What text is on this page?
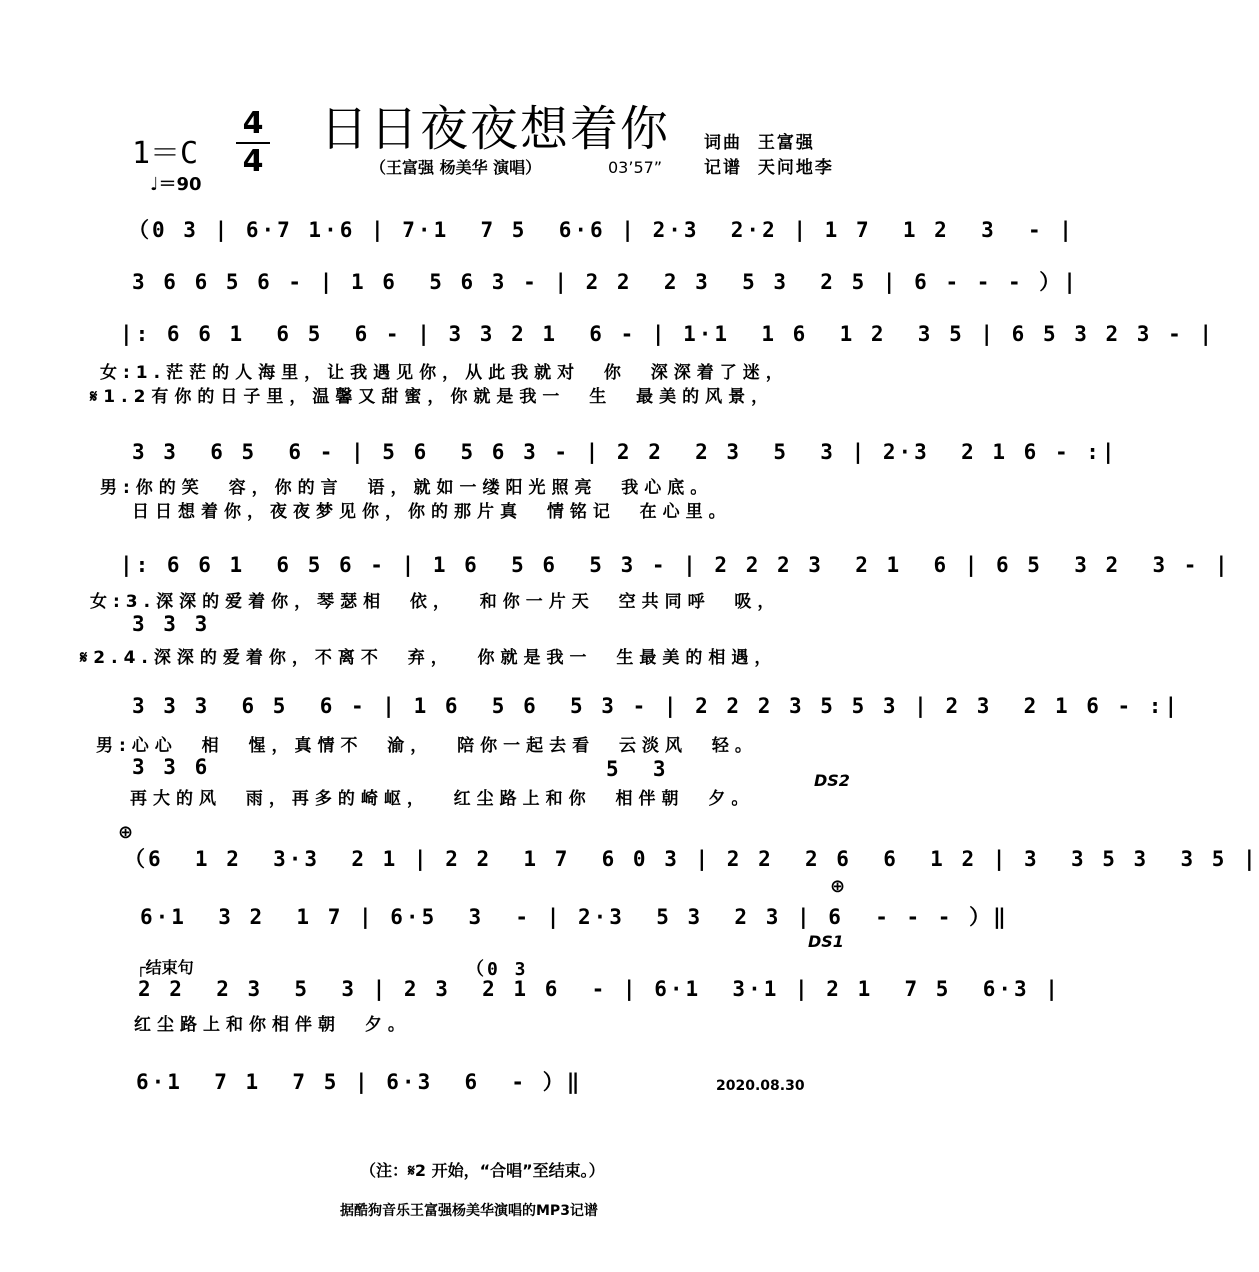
1＝C
♩＝90
4
4
日日夜夜想着你
（王富强 杨美华 演唱）	03’57”
词曲  王富强
记谱  天问地李
（0 3 | 6·7 1·6 | 7·1  7 5  6·6 | 2·3  2·2 | 1 7  1 2  3  - |
3 6 6 5 6 - | 1 6  5 6 3 - | 2 2  2 3  5 3  2 5 | 6 - - - ）|
|: 6 6 1  6 5  6 - | 3 3 2 1  6 - | 1·1  1 6  1 2  3 5 | 6 5 3 2 3 - |
女:1.茫茫的人海里，让我遇见你，从此我就对  你  深深着了迷，
𝄋1.2有你的日子里，温馨又甜蜜，你就是我一  生  最美的风景，
3 3  6 5  6 - | 5 6  5 6 3 - | 2 2  2 3  5  3 | 2·3  2 1 6 - :|
男:你的笑  容，你的言  语，就如一缕阳光照亮  我心底。
日日想着你，夜夜梦见你，你的那片真  情铭记  在心里。
|: 6 6 1  6 5 6 - | 1 6  5 6  5 3 - | 2 2 2 3  2 1  6 | 6 5  3 2  3 - |
女:3.深深的爱着你，琴瑟相  依，  和你一片天  空共同呼  吸，
3 3 3
𝄋2.4.深深的爱着你，不离不  弃，  你就是我一  生最美的相遇，
3 3 3  6 5  6 - | 1 6  5 6  5 3 - | 2 2 2 3 5 5 3 | 2 3  2 1 6 - :|
男:心心  相  惺，真情不  渝，  陪你一起去看  云淡风  轻。
3 3 6	5  3
再大的风  雨，再多的崎岖，  红尘路上和你  相伴朝  夕。
DS2
⊕
（6  1 2  3·3  2 1 | 2 2  1 7  6 0 3 | 2 2  2 6  6  1 2 | 3  3 5 3  3 5 |
6·1  3 2  1 7 | 6·5  3  - | 2·3  5 3  2 3 | 6  - - - ）‖
⊕
DS1
┌结束句	（0 3
2 2  2 3  5  3 | 2 3  2 1 6  - | 6·1  3·1 | 2 1  7 5  6·3 |
红尘路上和你相伴朝  夕。
6·1  7 1  7 5 | 6·3  6  - ）‖	2020.08.30
（注：𝄋2 开始，“合唱”至结束。）
据酷狗音乐王富强杨美华演唱的MP3记谱
